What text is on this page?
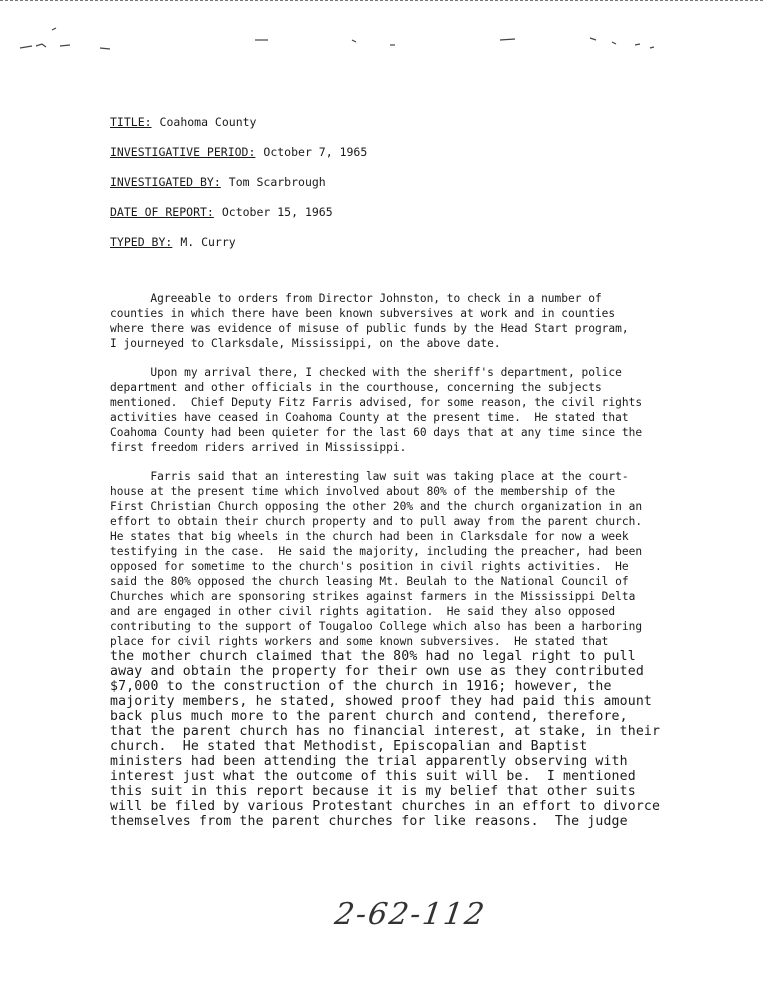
TITLE: Coahoma County
INVESTIGATIVE PERIOD: October 7, 1965
INVESTIGATED BY: Tom Scarbrough
DATE OF REPORT: October 15, 1965
TYPED BY: M. Curry
Agreeable to orders from Director Johnston, to check in a number of
counties in which there have been known subversives at work and in counties
where there was evidence of misuse of public funds by the Head Start program,
I journeyed to Clarksdale, Mississippi, on the above date.
Upon my arrival there, I checked with the sheriff's department, police
department and other officials in the courthouse, concerning the subjects
mentioned.  Chief Deputy Fitz Farris advised, for some reason, the civil rights
activities have ceased in Coahoma County at the present time.  He stated that
Coahoma County had been quieter for the last 60 days that at any time since the
first freedom riders arrived in Mississippi.
Farris said that an interesting law suit was taking place at the court-
house at the present time which involved about 80% of the membership of the
First Christian Church opposing the other 20% and the church organization in an
effort to obtain their church property and to pull away from the parent church.
He states that big wheels in the church had been in Clarksdale for now a week
testifying in the case.  He said the majority, including the preacher, had been
opposed for sometime to the church's position in civil rights activities.  He
said the 80% opposed the church leasing Mt. Beulah to the National Council of
Churches which are sponsoring strikes against farmers in the Mississippi Delta
and are engaged in other civil rights agitation.  He said they also opposed
contributing to the support of Tougaloo College which also has been a harboring
place for civil rights workers and some known subversives.  He stated that
the mother church claimed that the 80% had no legal right to pull
away and obtain the property for their own use as they contributed
$7,000 to the construction of the church in 1916; however, the
majority members, he stated, showed proof they had paid this amount
back plus much more to the parent church and contend, therefore,
that the parent church has no financial interest, at stake, in their
church.  He stated that Methodist, Episcopalian and Baptist
ministers had been attending the trial apparently observing with
interest just what the outcome of this suit will be.  I mentioned
this suit in this report because it is my belief that other suits
will be filed by various Protestant churches in an effort to divorce
themselves from the parent churches for like reasons.  The judge
2-62-112
